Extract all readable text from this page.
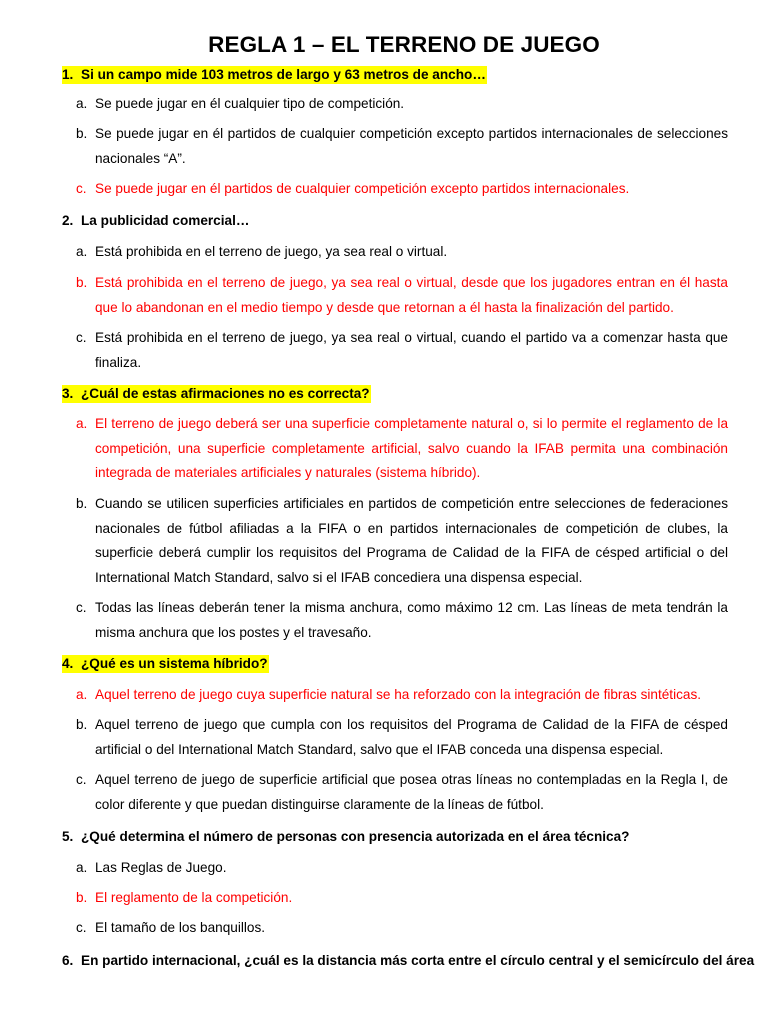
REGLA 1 – EL TERRENO DE JUEGO
1. Si un campo mide 103 metros de largo y 63 metros de ancho…
a. Se puede jugar en él cualquier tipo de competición.
b. Se puede jugar en él partidos de cualquier competición excepto partidos internacionales de selecciones nacionales “A”.
c. Se puede jugar en él partidos de cualquier competición excepto partidos internacionales.
2. La publicidad comercial…
a. Está prohibida en el terreno de juego, ya sea real o virtual.
b. Está prohibida en el terreno de juego, ya sea real o virtual, desde que los jugadores entran en él hasta que lo abandonan en el medio tiempo y desde que retornan a él hasta la finalización del partido.
c. Está prohibida en el terreno de juego, ya sea real o virtual, cuando el partido va a comenzar hasta que finaliza.
3. ¿Cuál de estas afirmaciones no es correcta?
a. El terreno de juego deberá ser una superficie completamente natural o, si lo permite el reglamento de la competición, una superficie completamente artificial, salvo cuando la IFAB permita una combinación integrada de materiales artificiales y naturales (sistema híbrido).
b. Cuando se utilicen superficies artificiales en partidos de competición entre selecciones de federaciones nacionales de fútbol afiliadas a la FIFA o en partidos internacionales de competición de clubes, la superficie deberá cumplir los requisitos del Programa de Calidad de la FIFA de césped artificial o del International Match Standard, salvo si el IFAB concediera una dispensa especial.
c. Todas las líneas deberán tener la misma anchura, como máximo 12 cm. Las líneas de meta tendrán la misma anchura que los postes y el travesaño.
4. ¿Qué es un sistema híbrido?
a. Aquel terreno de juego cuya superficie natural se ha reforzado con la integración de fibras sintéticas.
b. Aquel terreno de juego que cumpla con los requisitos del Programa de Calidad de la FIFA de césped artificial o del International Match Standard, salvo que el IFAB conceda una dispensa especial.
c. Aquel terreno de juego de superficie artificial que posea otras líneas no contempladas en la Regla I, de color diferente y que puedan distinguirse claramente de la líneas de fútbol.
5. ¿Qué determina el número de personas con presencia autorizada en el área técnica?
a. Las Reglas de Juego.
b. El reglamento de la competición.
c. El tamaño de los banquillos.
6. En partido internacional, ¿cuál es la distancia más corta entre el círculo central y el semicírculo del área
